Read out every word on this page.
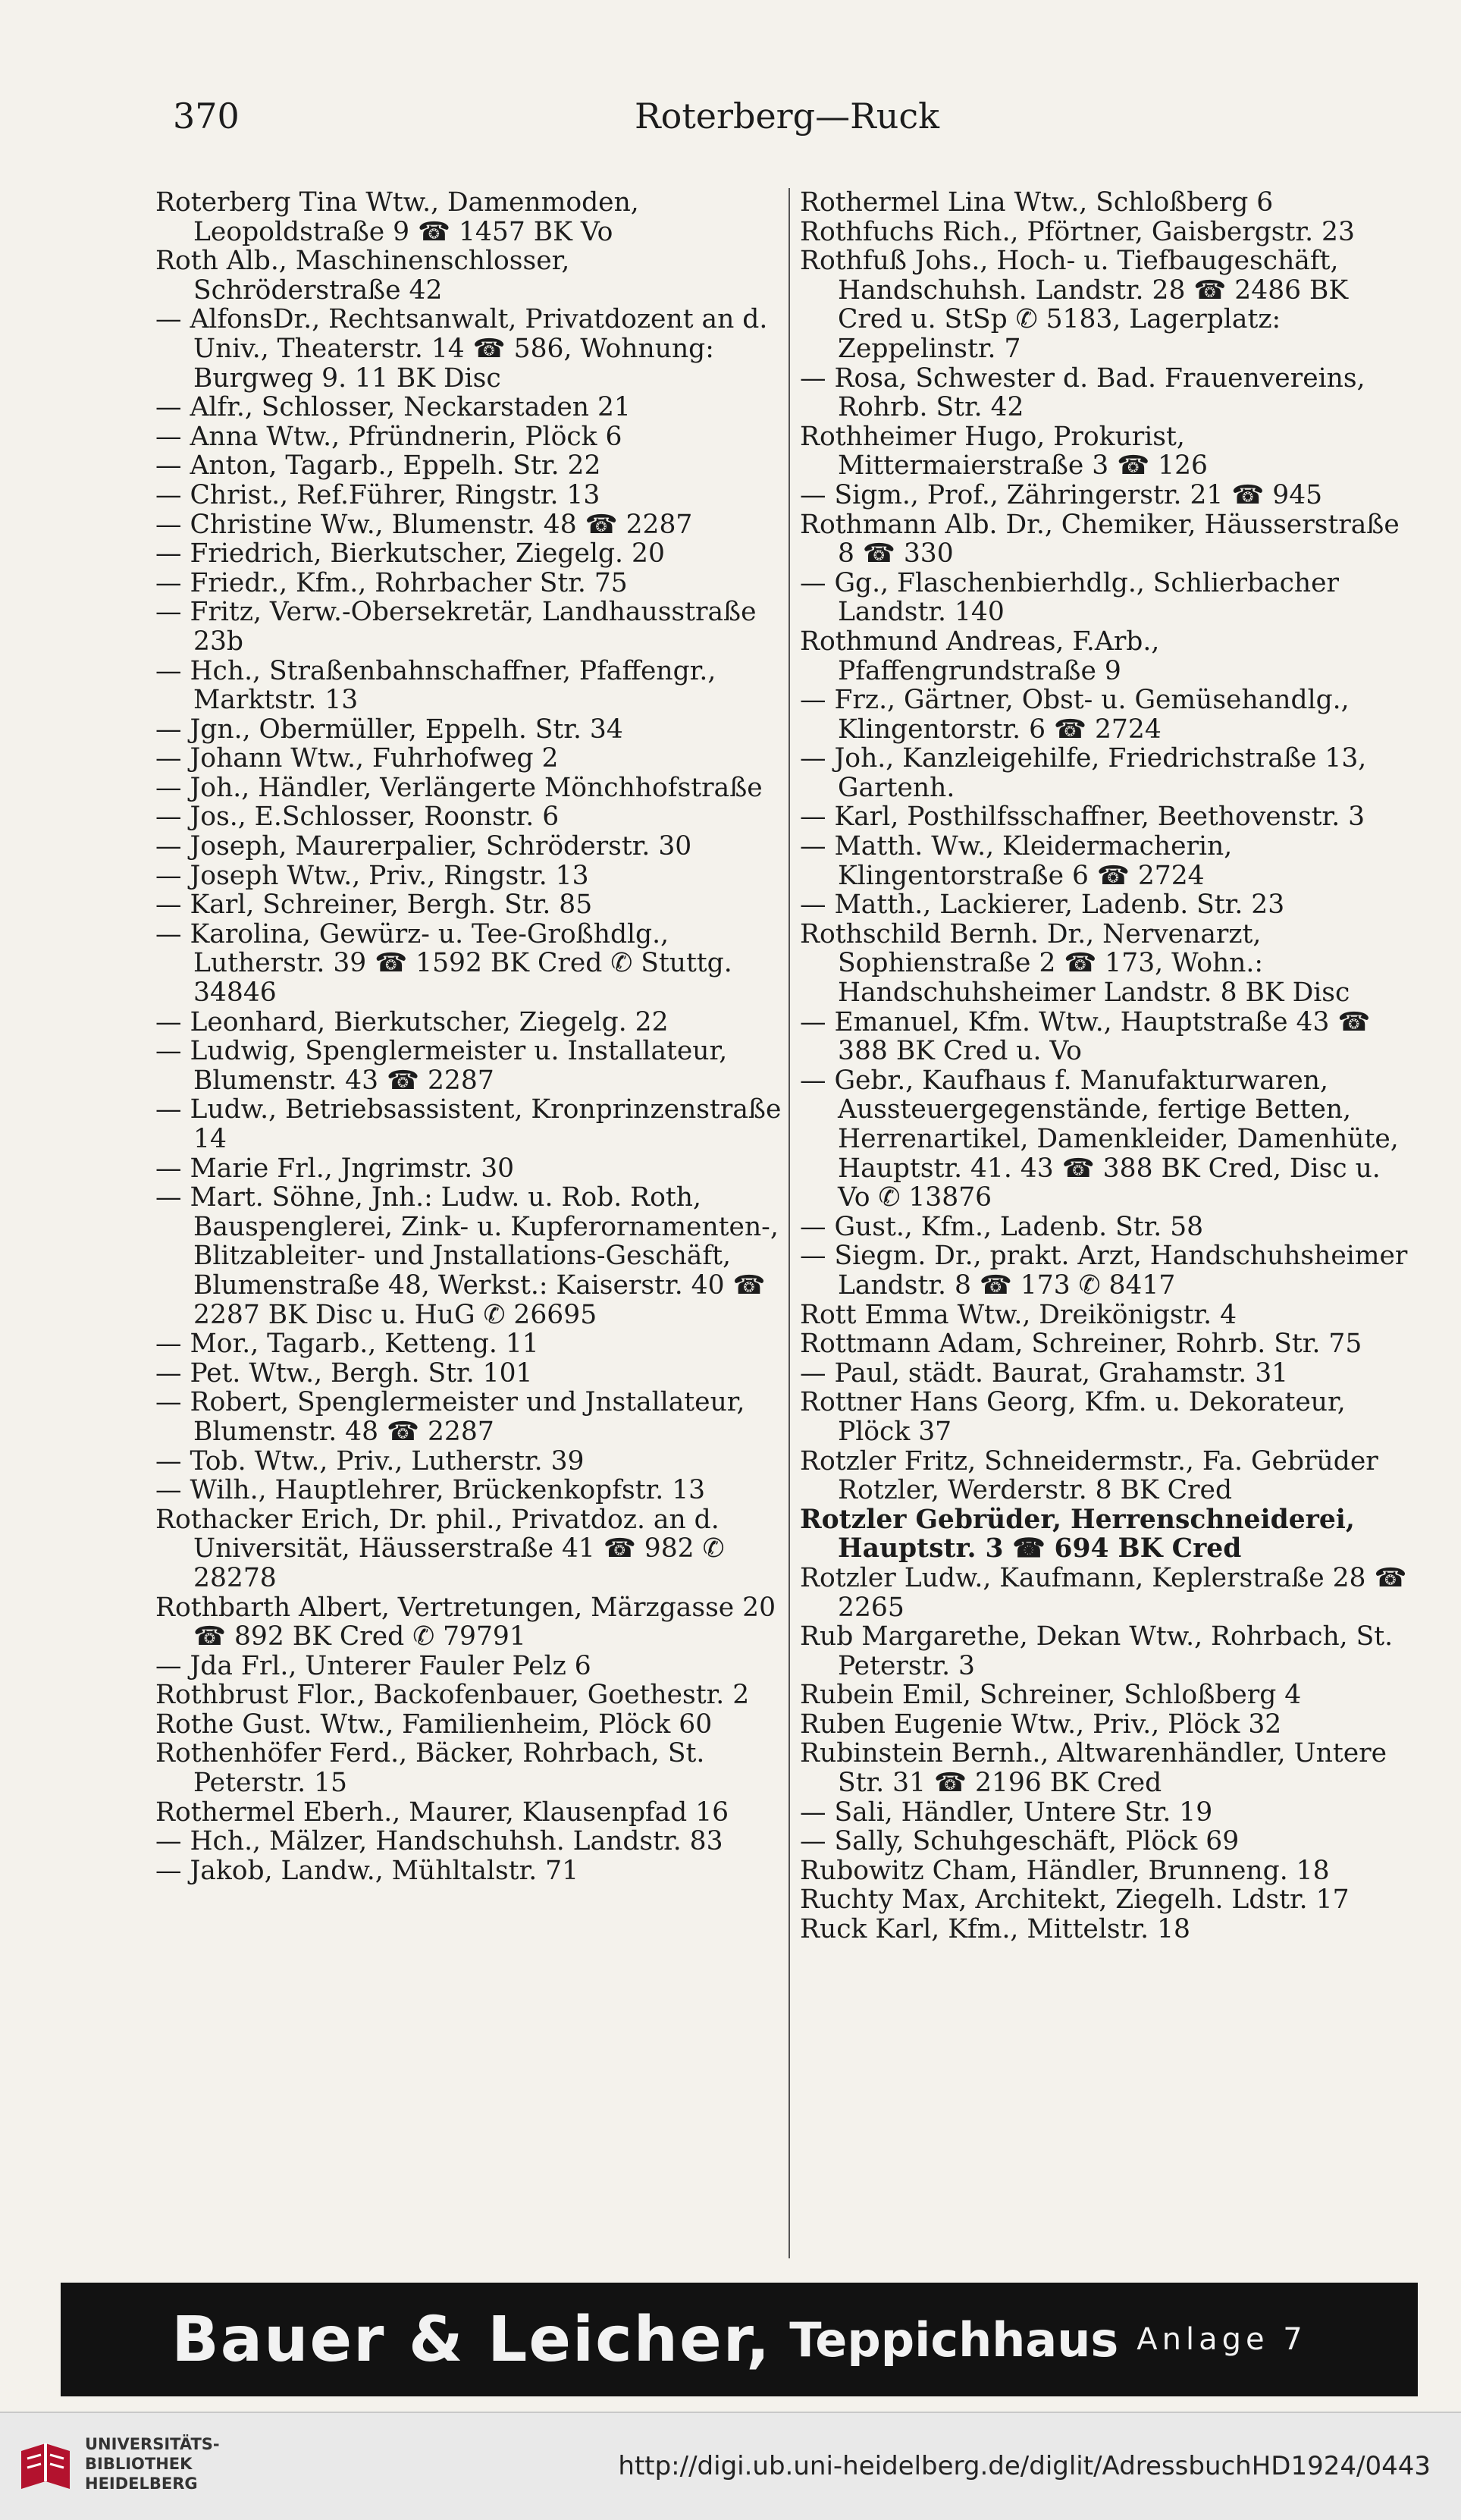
370	Roterberg—Ruck

Roterberg Tina Wtw., Damenmoden, Leopoldstraße 9 ☎ 1457 BK Vo

Roth Alb., Maschinenschlosser, Schröderstraße 42

— AlfonsDr., Rechtsanwalt, Privatdozent an d. Univ., Theaterstr. 14 ☎ 586, Wohnung: Burgweg 9. 11 BK Disc

— Alfr., Schlosser, Neckarstaden 21

— Anna Wtw., Pfründnerin, Plöck 6

— Anton, Tagarb., Eppelh. Str. 22

— Christ., Ref.Führer, Ringstr. 13

— Christine Ww., Blumenstr. 48 ☎ 2287

— Friedrich, Bierkutscher, Ziegelg. 20

— Friedr., Kfm., Rohrbacher Str. 75

— Fritz, Verw.-Obersekretär, Landhausstraße 23b

— Hch., Straßenbahnschaffner, Pfaffengr., Marktstr. 13

— Jgn., Obermüller, Eppelh. Str. 34

— Johann Wtw., Fuhrhofweg 2

— Joh., Händler, Verlängerte Mönchhofstraße

— Jos., E.Schlosser, Roonstr. 6

— Joseph, Maurerpalier, Schröderstr. 30

— Joseph Wtw., Priv., Ringstr. 13

— Karl, Schreiner, Bergh. Str. 85

— Karolina, Gewürz- u. Tee-Großhdlg., Lutherstr. 39 ☎ 1592 BK Cred ✆ Stuttg. 34846

— Leonhard, Bierkutscher, Ziegelg. 22

— Ludwig, Spenglermeister u. Installateur, Blumenstr. 43 ☎ 2287

— Ludw., Betriebsassistent, Kronprinzenstraße 14

— Marie Frl., Jngrimstr. 30

— Mart. Söhne, Jnh.: Ludw. u. Rob. Roth, Bauspenglerei, Zink- u. Kupferornamenten-, Blitzableiter- und Jnstallations-Geschäft, Blumenstraße 48, Werkst.: Kaiserstr. 40 ☎ 2287 BK Disc u. HuG ✆ 26695

— Mor., Tagarb., Ketteng. 11

— Pet. Wtw., Bergh. Str. 101

— Robert, Spenglermeister und Jnstallateur, Blumenstr. 48 ☎ 2287

— Tob. Wtw., Priv., Lutherstr. 39

— Wilh., Hauptlehrer, Brückenkopfstr. 13

Rothacker Erich, Dr. phil., Privatdoz. an d. Universität, Häusserstraße 41 ☎ 982 ✆ 28278

Rothbarth Albert, Vertretungen, Märzgasse 20 ☎ 892 BK Cred ✆ 79791

— Jda Frl., Unterer Fauler Pelz 6

Rothbrust Flor., Backofenbauer, Goethestr. 2

Rothe Gust. Wtw., Familienheim, Plöck 60

Rothenhöfer Ferd., Bäcker, Rohrbach, St. Peterstr. 15

Rothermel Eberh., Maurer, Klausenpfad 16

— Hch., Mälzer, Handschuhsh. Landstr. 83

— Jakob, Landw., Mühltalstr. 71

Rothermel Lina Wtw., Schloßberg 6

Rothfuchs Rich., Pförtner, Gaisbergstr. 23

Rothfuß Johs., Hoch- u. Tiefbaugeschäft, Handschuhsh. Landstr. 28 ☎ 2486 BK Cred u. StSp ✆ 5183, Lagerplatz: Zeppelinstr. 7

— Rosa, Schwester d. Bad. Frauenvereins, Rohrb. Str. 42

Rothheimer Hugo, Prokurist, Mittermaierstraße 3 ☎ 126

— Sigm., Prof., Zähringerstr. 21 ☎ 945

Rothmann Alb. Dr., Chemiker, Häusserstraße 8 ☎ 330

— Gg., Flaschenbierhdlg., Schlierbacher Landstr. 140

Rothmund Andreas, F.Arb., Pfaffengrundstraße 9

— Frz., Gärtner, Obst- u. Gemüsehandlg., Klingentorstr. 6 ☎ 2724

— Joh., Kanzleigehilfe, Friedrichstraße 13, Gartenh.

— Karl, Posthilfsschaffner, Beethovenstr. 3

— Matth. Ww., Kleidermacherin, Klingentorstraße 6 ☎ 2724

— Matth., Lackierer, Ladenb. Str. 23

Rothschild Bernh. Dr., Nervenarzt, Sophienstraße 2 ☎ 173, Wohn.: Handschuhsheimer Landstr. 8 BK Disc

— Emanuel, Kfm. Wtw., Hauptstraße 43 ☎ 388 BK Cred u. Vo

— Gebr., Kaufhaus f. Manufakturwaren, Aussteuergegenstände, fertige Betten, Herrenartikel, Damenkleider, Damenhüte, Hauptstr. 41. 43 ☎ 388 BK Cred, Disc u. Vo ✆ 13876

— Gust., Kfm., Ladenb. Str. 58

— Siegm. Dr., prakt. Arzt, Handschuhsheimer Landstr. 8 ☎ 173 ✆ 8417

Rott Emma Wtw., Dreikönigstr. 4

Rottmann Adam, Schreiner, Rohrb. Str. 75

— Paul, städt. Baurat, Grahamstr. 31

Rottner Hans Georg, Kfm. u. Dekorateur, Plöck 37

Rotzler Fritz, Schneidermstr., Fa. Gebrüder Rotzler, Werderstr. 8 BK Cred

Rotzler Gebrüder, Herrenschneiderei, Hauptstr. 3 ☎ 694 BK Cred

Rotzler Ludw., Kaufmann, Keplerstraße 28 ☎ 2265

Rub Margarethe, Dekan Wtw., Rohrbach, St. Peterstr. 3

Rubein Emil, Schreiner, Schloßberg 4

Ruben Eugenie Wtw., Priv., Plöck 32

Rubinstein Bernh., Altwarenhändler, Untere Str. 31 ☎ 2196 BK Cred

— Sali, Händler, Untere Str. 19

— Sally, Schuhgeschäft, Plöck 69

Rubowitz Cham, Händler, Brunneng. 18

Ruchty Max, Architekt, Ziegelh. Ldstr. 17

Ruck Karl, Kfm., Mittelstr. 18

Bauer & Leicher, Teppichhaus Anlage 7
UNIVERSITÄTS-
BIBLIOTHEK
HEIDELBERG
http://digi.ub.uni-heidelberg.de/diglit/AdressbuchHD1924/0443
